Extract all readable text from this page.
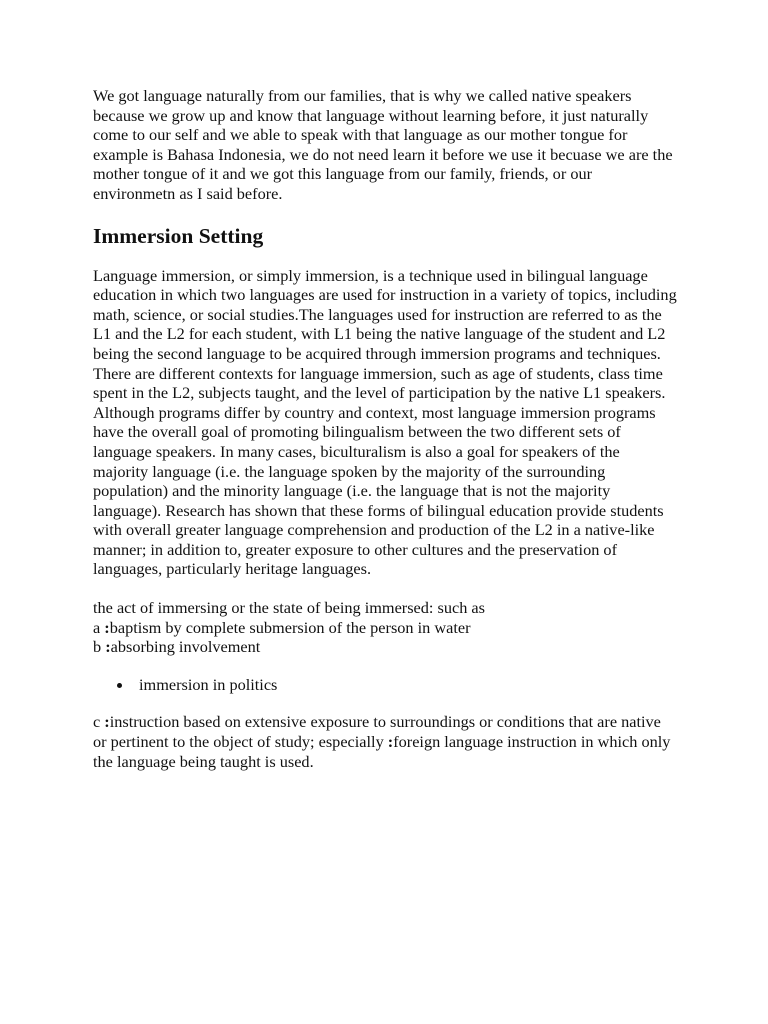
We got language naturally from our families, that is why we called native speakers because we grow up and know that language without learning before, it just naturally come to our self and we able to speak with that language as our mother tongue for example is Bahasa Indonesia, we do not need learn it before we use it becuase we are the mother tongue of it and we got this language from our family, friends, or our environmetn as I said before.

Immersion Setting

Language immersion, or simply immersion, is a technique used in bilingual language education in which two languages are used for instruction in a variety of topics, including math, science, or social studies.The languages used for instruction are referred to as the L1 and the L2 for each student, with L1 being the native language of the student and L2 being the second language to be acquired through immersion programs and techniques. There are different contexts for language immersion, such as age of students, class time spent in the L2, subjects taught, and the level of participation by the native L1 speakers. Although programs differ by country and context, most language immersion programs have the overall goal of promoting bilingualism between the two different sets of language speakers. In many cases, biculturalism is also a goal for speakers of the majority language (i.e. the language spoken by the majority of the surrounding population) and the minority language (i.e. the language that is not the majority language). Research has shown that these forms of bilingual education provide students with overall greater language comprehension and production of the L2 in a native-like manner; in addition to, greater exposure to other cultures and the preservation of languages, particularly heritage languages.

the act of immersing or the state of being immersed: such as

a :baptism by complete submersion of the person in water

b :absorbing involvement

immersion in politics

c :instruction based on extensive exposure to surroundings or conditions that are native or pertinent to the object of study; especially :foreign language instruction in which only the language being taught is used.
